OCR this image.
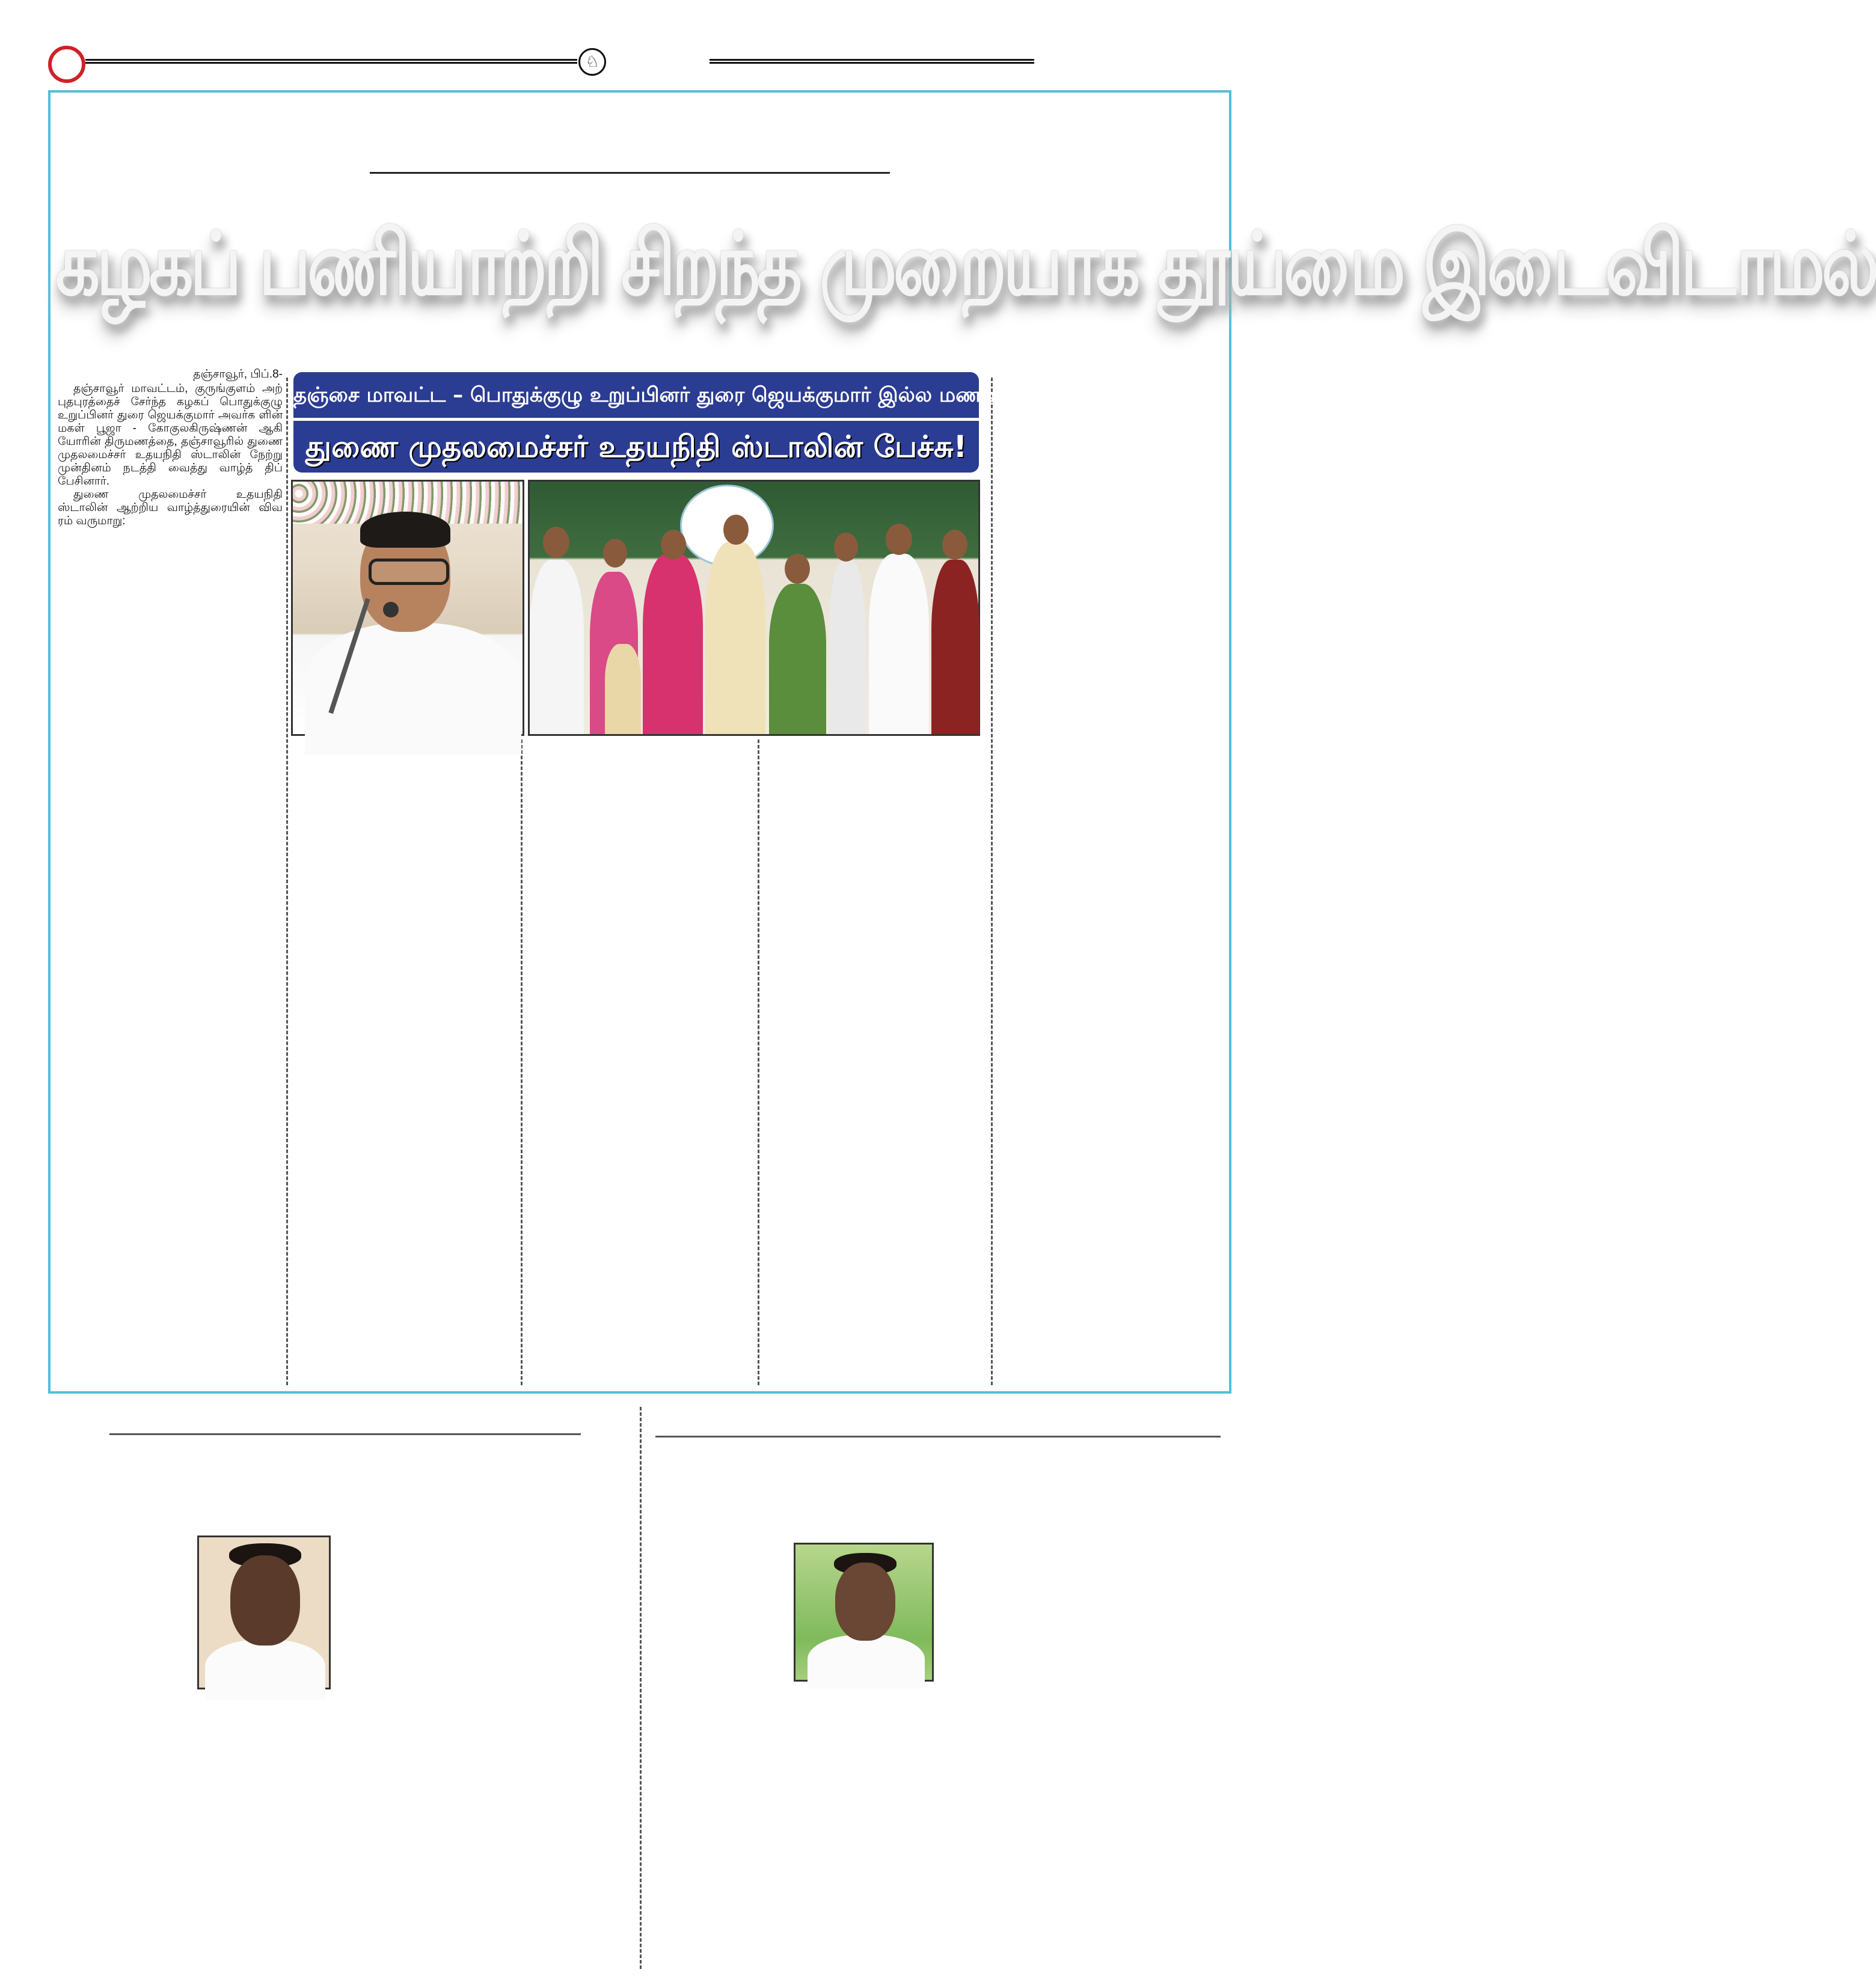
♘
கழகப் பணியாற்றி சிறந்த முறையாக தூய்மை இடைவிடாமல்
தஞ்சாவூர், பிப்.8-

தஞ்சாவூர் மாவட்டம், குருங்குளம் அற் புதபுரத்தைச் சேர்ந்த கழகப் பொதுக்குழு உறுப்பினர் துரை ஜெயக்குமார் அவர்க ளின் மகள் பூஜா - கோகுலகிருஷ்ணன் ஆகி யோரின் திருமணத்தை, தஞ்சாவூரில் துணை முதலமைச்சர் உதயநிதி ஸ்டாலின் நேற்று முன்தினம் நடத்தி வைத்து வாழ்த் திப் பேசினார்.

துணை முதலமைச்சர் உதயநிதி ஸ்டாலின் ஆற்றிய வாழ்த்துரையின் விவ ரம் வருமாறு:

தஞ்சை மாவட்ட – பொதுக்குழு உறுப்பினர் துரை ஜெயக்குமார் இல்ல மணவிழாவில்
துணை முதலமைச்சர் உதயநிதி ஸ்டாலின் பேச்சு!
